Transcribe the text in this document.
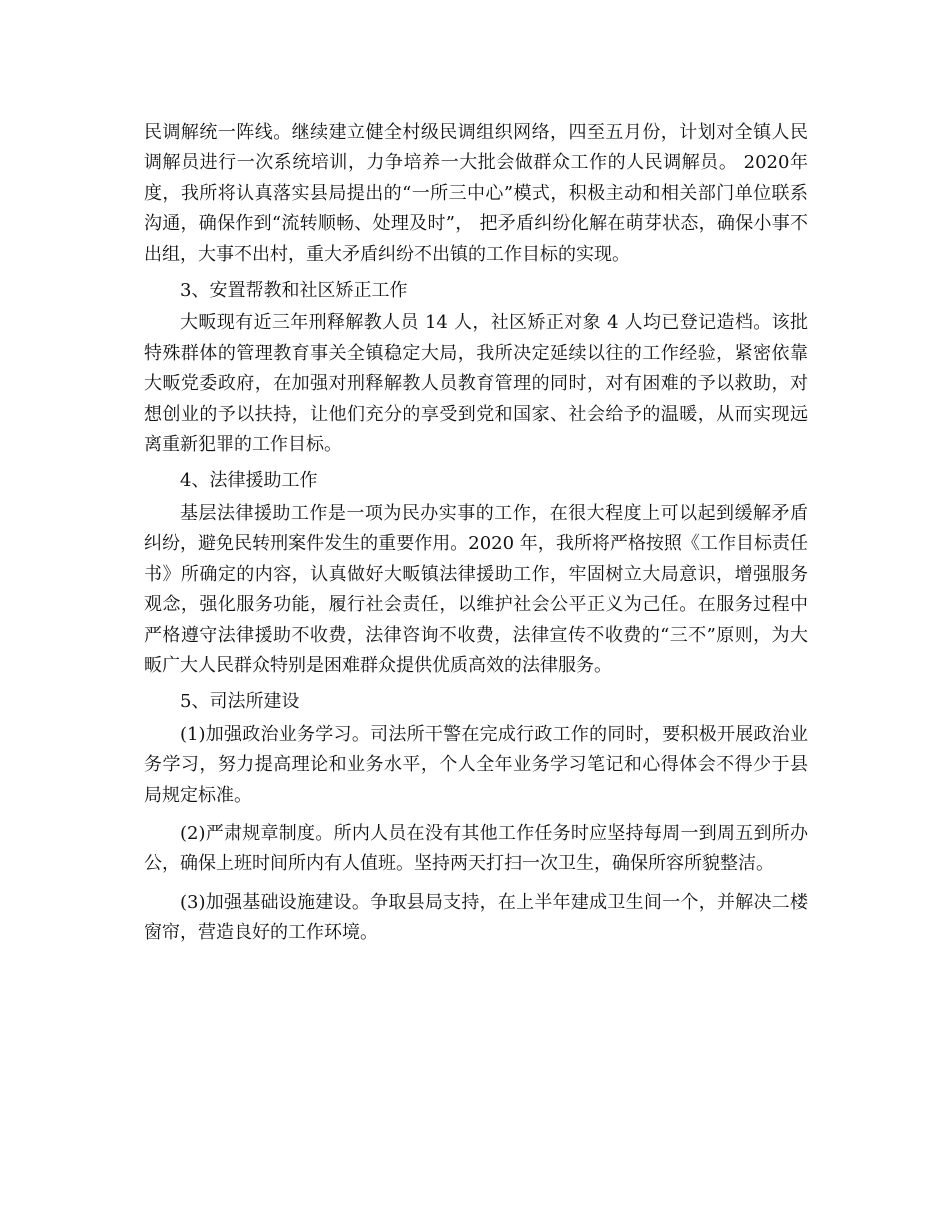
民调解统一阵线。继续建立健全村级民调组织网络，四至五月份，计划对全镇人民调解员进行一次系统培训，力争培养一大批会做群众工作的人民调解员。 2020年度，我所将认真落实县局提出的“一所三中心”模式，积极主动和相关部门单位联系沟通，确保作到“流转顺畅、处理及时”， 把矛盾纠纷化解在萌芽状态，确保小事不出组，大事不出村，重大矛盾纠纷不出镇的工作目标的实现。

3、安置帮教和社区矫正工作

大畈现有近三年刑释解教人员 14 人，社区矫正对象 4 人均已登记造档。该批特殊群体的管理教育事关全镇稳定大局，我所决定延续以往的工作经验，紧密依靠大畈党委政府，在加强对刑释解教人员教育管理的同时，对有困难的予以救助，对想创业的予以扶持，让他们充分的享受到党和国家、社会给予的温暖，从而实现远离重新犯罪的工作目标。

4、法律援助工作

基层法律援助工作是一项为民办实事的工作，在很大程度上可以起到缓解矛盾纠纷，避免民转刑案件发生的重要作用。2020 年，我所将严格按照《工作目标责任书》所确定的内容，认真做好大畈镇法律援助工作，牢固树立大局意识，增强服务观念，强化服务功能，履行社会责任，以维护社会公平正义为己任。在服务过程中严格遵守法律援助不收费，法律咨询不收费，法律宣传不收费的“三不”原则，为大畈广大人民群众特别是困难群众提供优质高效的法律服务。

5、司法所建设

(1)加强政治业务学习。司法所干警在完成行政工作的同时，要积极开展政治业务学习，努力提高理论和业务水平，个人全年业务学习笔记和心得体会不得少于县局规定标准。

(2)严肃规章制度。所内人员在没有其他工作任务时应坚持每周一到周五到所办公，确保上班时间所内有人值班。坚持两天打扫一次卫生，确保所容所貌整洁。

(3)加强基础设施建设。争取县局支持，在上半年建成卫生间一个，并解决二楼窗帘，营造良好的工作环境。
